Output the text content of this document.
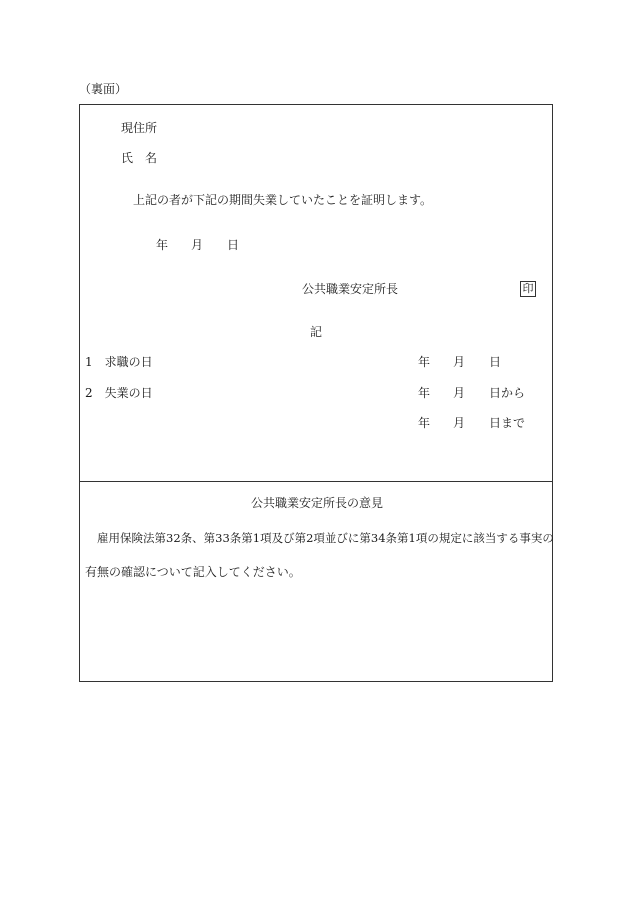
（裏面）
現住所
氏　名
上記の者が下記の期間失業していたことを証明します。
年 月 日
公共職業安定所長	印
記
1　求職の日	年 月 日
2　失業の日	年 月 日から
年 月 日まで
公共職業安定所長の意見
雇用保険法第32条、第33条第1項及び第2項並びに第34条第1項の規定に該当する事実の
有無の確認について記入してください。
